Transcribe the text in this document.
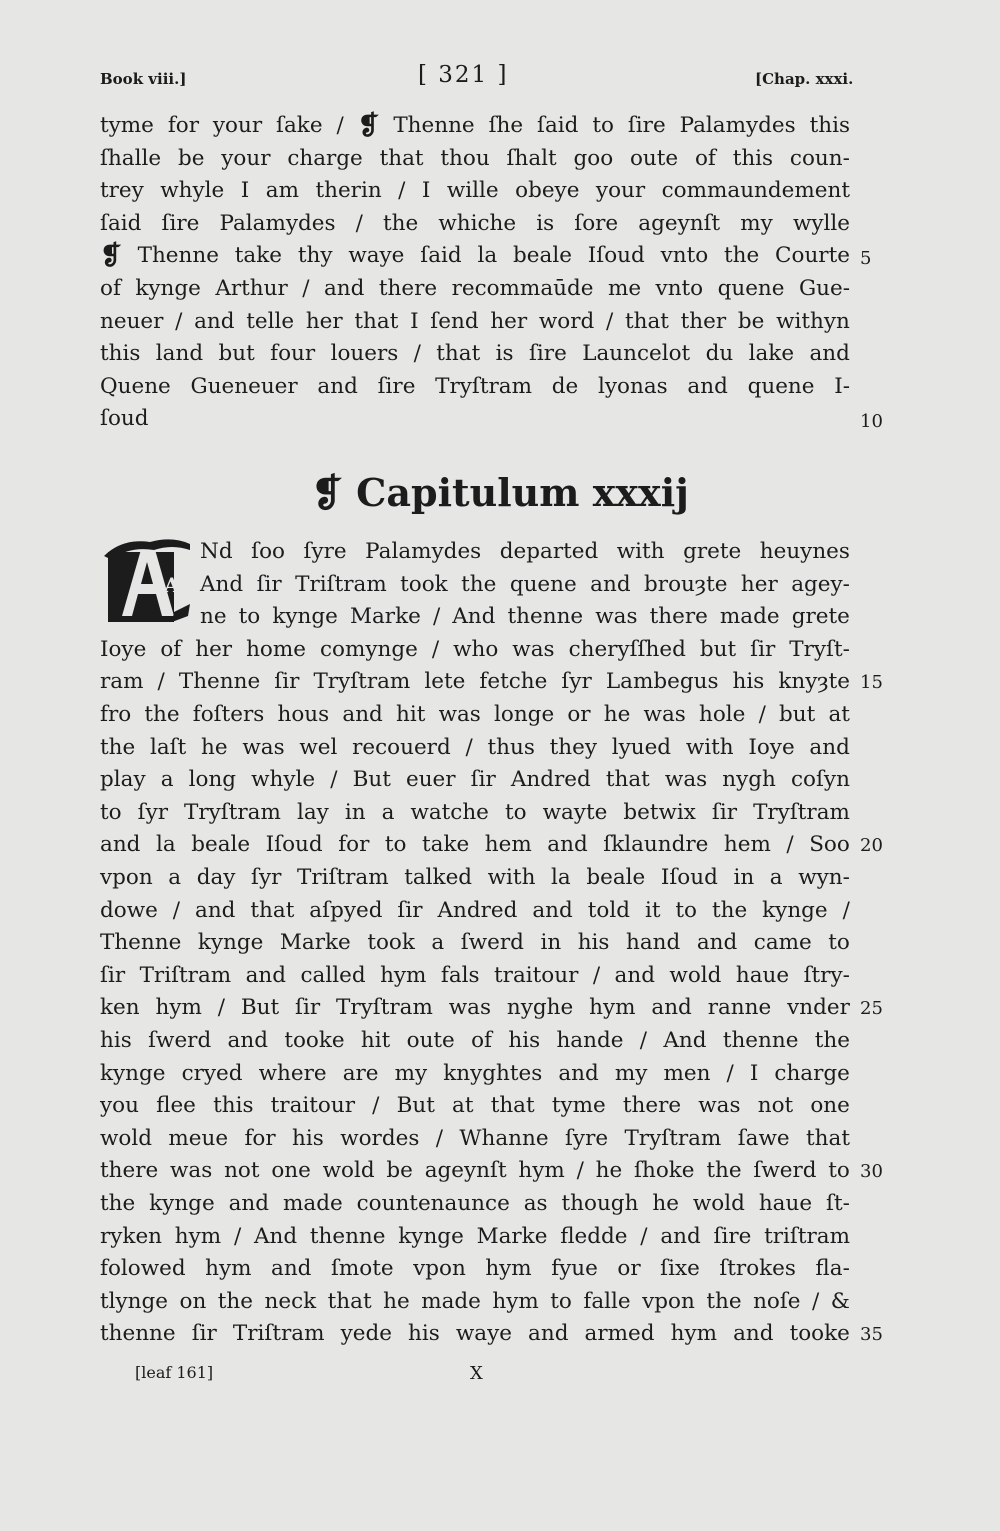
Book viii.]	[ 321 ]	[Chap. xxxi.
tyme for your ſake / ❡ Thenne ſhe ſaid to ſire Palamydes this
ſhalle be your charge that thou ſhalt goo oute of this coun-
trey whyle I am therin / I wille obeye your commaundement
ſaid ſire Palamydes / the whiche is ſore ageynſt my wylle
❡ Thenne take thy waye ſaid la beale Iſoud vnto the Courte
of kynge Arthur / and there recommaūde me vnto quene Gue-
neuer / and telle her that I ſend her word / that ther be withyn
this land but four louers / that is ſire Launcelot du lake and
Quene Gueneuer and ſire Tryſtram de lyonas and quene I-
ſoud
❡ Capitulum xxxij
A
Nd ſoo ſyre Palamydes departed with grete heuynes
And ſir Triſtram took the quene and brouȝte her agey-
ne to kynge Marke / And thenne was there made grete
Ioye of her home comynge / who was cheryſſhed but ſir Tryſt-
ram / Thenne ſir Tryſtram lete fetche ſyr Lambegus his knyȝte
fro the foſters hous and hit was longe or he was hole / but at
the laſt he was wel recouerd / thus they lyued with Ioye and
play a long whyle / But euer ſir Andred that was nygh coſyn
to ſyr Tryſtram lay in a watche to wayte betwix ſir Tryſtram
and la beale Iſoud for to take hem and ſklaundre hem / Soo
vpon a day ſyr Triſtram talked with la beale Iſoud in a wyn-
dowe / and that aſpyed ſir Andred and told it to the kynge /
Thenne kynge Marke took a ſwerd in his hand and came to
ſir Triſtram and called hym fals traitour / and wold haue ſtry-
ken hym / But ſir Tryſtram was nyghe hym and ranne vnder
his ſwerd and tooke hit oute of his hande / And thenne the
kynge cryed where are my knyghtes and my men / I charge
you flee this traitour / But at that tyme there was not one
wold meue for his wordes / Whanne ſyre Tryſtram ſawe that
there was not one wold be ageynſt hym / he ſhoke the ſwerd to
the kynge and made countenaunce as though he wold haue ſt-
ryken hym / And thenne kynge Marke fledde / and ſire triſtram
folowed hym and ſmote vpon hym fyue or ſixe ſtrokes fla-
tlynge on the neck that he made hym to falle vpon the noſe / &
thenne ſir Triſtram yede his waye and armed hym and tooke
5
10
15
20
25
30
35
[leaf 161]	X
